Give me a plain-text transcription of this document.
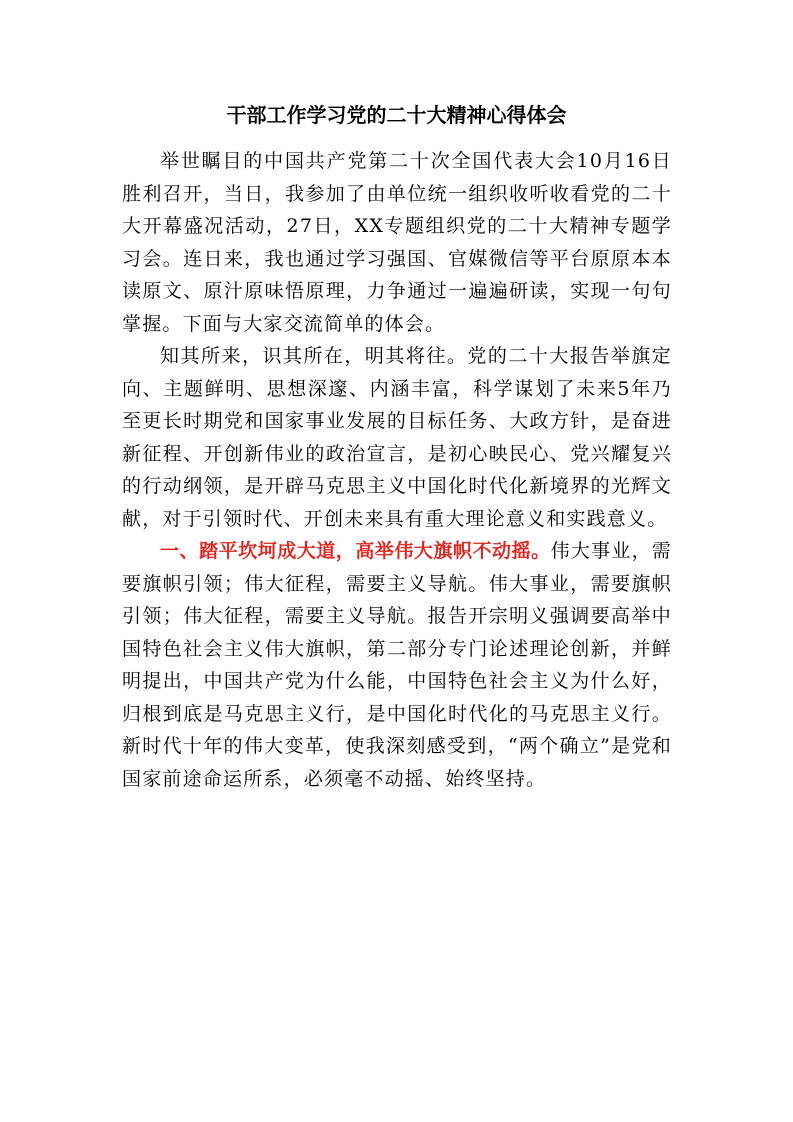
干部工作学习党的二十大精神心得体会

举世瞩目的中国共产党第二十次全国代表大会10月16日胜利召开，当日，我参加了由单位统一组织收听收看党的二十大开幕盛况活动，27日，XX专题组织党的二十大精神专题学习会。连日来，我也通过学习强国、官媒微信等平台原原本本读原文、原汁原味悟原理，力争通过一遍遍研读，实现一句句掌握。下面与大家交流简单的体会。

知其所来，识其所在，明其将往。党的二十大报告举旗定向、主题鲜明、思想深邃、内涵丰富，科学谋划了未来5年乃至更长时期党和国家事业发展的目标任务、大政方针，是奋进新征程、开创新伟业的政治宣言，是初心映民心、党兴耀复兴的行动纲领，是开辟马克思主义中国化时代化新境界的光辉文献，对于引领时代、开创未来具有重大理论意义和实践意义。

一、踏平坎坷成大道，高举伟大旗帜不动摇。伟大事业，需要旗帜引领；伟大征程，需要主义导航。伟大事业，需要旗帜引领；伟大征程，需要主义导航。报告开宗明义强调要高举中国特色社会主义伟大旗帜，第二部分专门论述理论创新，并鲜明提出，中国共产党为什么能，中国特色社会主义为什么好，归根到底是马克思主义行，是中国化时代化的马克思主义行。新时代十年的伟大变革，使我深刻感受到，“两个确立”是党和国家前途命运所系，必须毫不动摇、始终坚持。
